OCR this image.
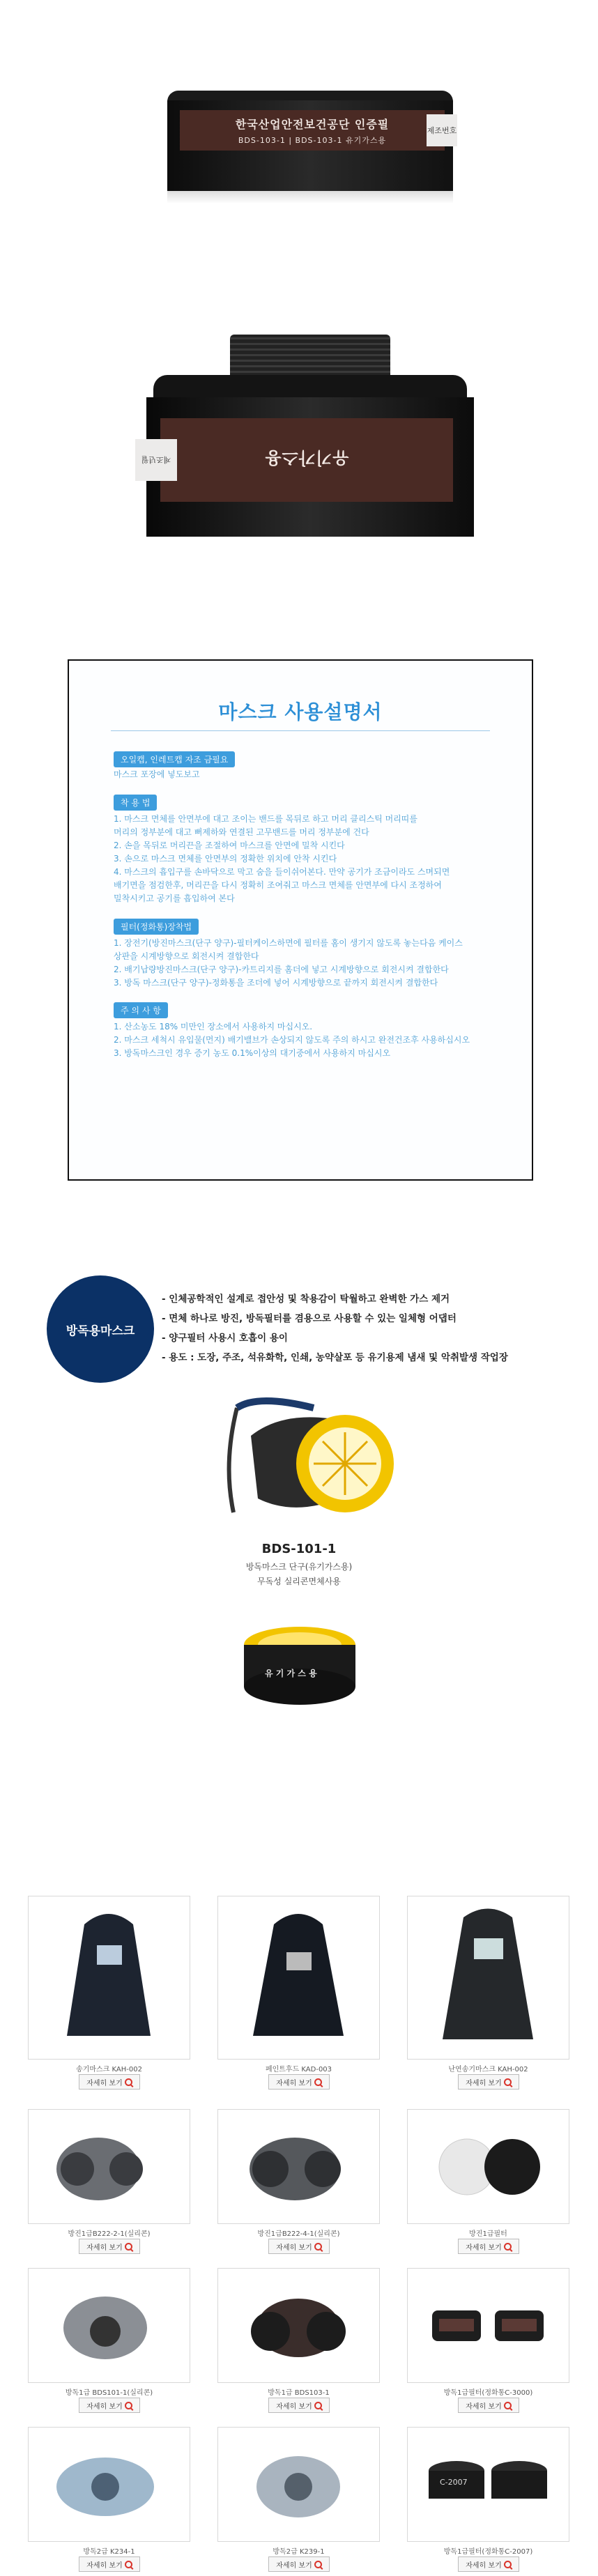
한국산업안전보건공단 인증필
BDS-103-1 | BDS-103-1 유기가스용
제조번호
유기가스용
제조년월
마스크 사용설명서
오일캡, 인레트캡 자조 금필요
마스크 포장에 넣도보고
착 용 법
1. 마스크 면체를 안면부에 대고 조이는 밴드를 목뒤로 하고 머리 클리스틱 머리띠를
머리의 정부분에 대고 뻐제하와 연결된 고무밴드를 머리 정부분에 건다
2. 손을 목뒤로 머리끈을 조절하여 마스크를 안면에 밀착 시킨다
3. 손으로 마스크 면체를 안면부의 정확한 위치에 안착 시킨다
4. 마스크의 흡입구를 손바닥으로 막고 숨을 들이쉬어본다. 만약 공기가 조금이라도 스며되면
배기면을 점검한후, 머리끈을 다시 정확히 조여줘고 마스크 면체를 안면부에 다시 조정하여
밀착시키고 공기를 흡입하여 본다
필터(정화통)장착법
1. 장전기(방진마스크(단구 양구)-필터케이스하면에 필터를 홈이 생기지 않도록 놓는다음 케이스
상판을 시계방향으로 회전시켜 결합한다
2. 배기납량방진마스크(단구 양구)-카트리지를 홈더에 넣고 시계방향으로 회전시켜 결합한다
3. 방독 마스크(단구 양구)-정화통을 조더에 넣어 시계방향으로 끝까지 회전시켜 결합한다
주 의 사 항
1. 산소농도 18% 미만인 장소에서 사용하지 마십시오.
2. 마스크 세척시 유입물(먼지) 배기밸브가 손상되지 않도록 주의 하시고 완전건조후 사용하십시오
3. 방독마스크인 경우 증기 농도 0.1%이상의 대기중에서 사용하지 마십시오
방독용마스크
- 인체공학적인 설계로 접안성 및 착용감이 탁월하고 완벽한 가스 제거
- 면체 하나로 방진, 방독필터를 겸용으로 사용할 수 있는 일체형 어댑터
- 양구필터 사용시 호흡이 용이
- 용도 : 도장, 주조, 석유화학, 인쇄, 농약살포 등 유기용제 냄새 및 악취발생 작업장
BDS-101-1
방독마스크 단구(유기가스용)
무독성 실리콘면체사용
유 기 가 스 용
송기마스크 KAH-002
자세히 보기
페인트후드 KAD-003
자세히 보기
난연송기마스크 KAH-002
자세히 보기
방진1급B222-2-1(실리콘)
자세히 보기
방진1급B222-4-1(실리콘)
자세히 보기
방진1급필터
자세히 보기
방독1급 BDS101-1(실리콘)
자세히 보기
방독1급 BDS103-1
자세히 보기
방독1급필터(정화통C-3000)
자세히 보기
방독2급 K234-1
자세히 보기
방독2급 K239-1
자세히 보기
C-2007
방독1급필터(정화통C-2007)
자세히 보기
